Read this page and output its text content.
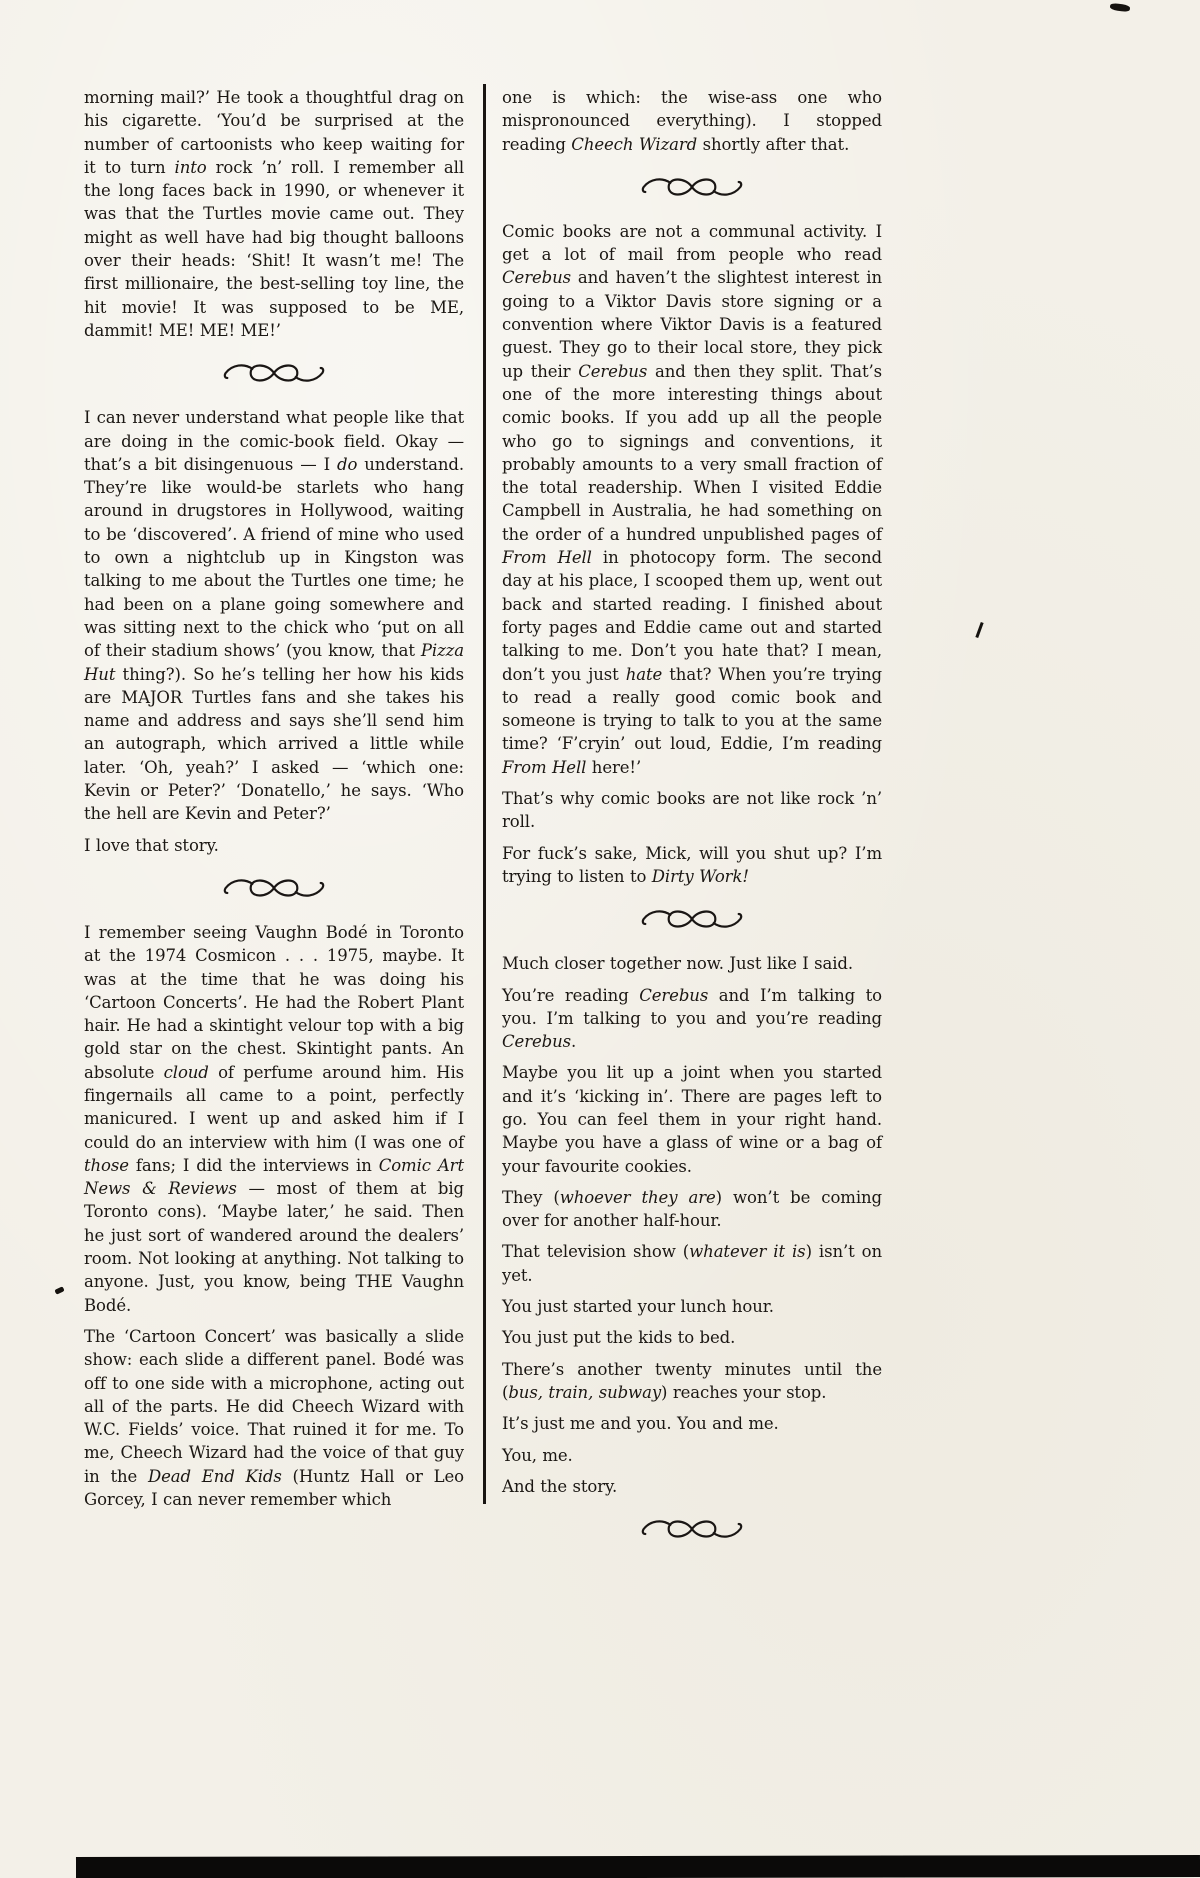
morning mail?’ He took a thoughtful drag on his cigarette. ‘You’d be surprised at the number of cartoonists who keep waiting for it to turn into rock ’n’ roll. I remember all the long faces back in 1990, or whenever it was that the Turtles movie came out. They might as well have had big thought balloons over their heads: ‘Shit! It wasn’t me! The first millionaire, the best-selling toy line, the hit movie! It was supposed to be ME, dammit! ME! ME! ME!’

I can never understand what people like that are doing in the comic-book field. Okay — that’s a bit disingenuous — I do understand. They’re like would-be starlets who hang around in drugstores in Hollywood, waiting to be ‘discovered’. A friend of mine who used to own a nightclub up in Kingston was talking to me about the Turtles one time; he had been on a plane going somewhere and was sitting next to the chick who ‘put on all of their stadium shows’ (you know, that Pizza Hut thing?). So he’s telling her how his kids are MAJOR Turtles fans and she takes his name and address and says she’ll send him an autograph, which arrived a little while later. ‘Oh, yeah?’ I asked — ‘which one: Kevin or Peter?’ ‘Donatello,’ he says. ‘Who the hell are Kevin and Peter?’

I love that story.

I remember seeing Vaughn Bodé in Toronto at the 1974 Cosmicon . . . 1975, maybe. It was at the time that he was doing his ‘Cartoon Concerts’. He had the Robert Plant hair. He had a skintight velour top with a big gold star on the chest. Skintight pants. An absolute cloud of perfume around him. His fingernails all came to a point, perfectly manicured. I went up and asked him if I could do an interview with him (I was one of those fans; I did the interviews in Comic Art News & Reviews — most of them at big Toronto cons). ‘Maybe later,’ he said. Then he just sort of wandered around the dealers’ room. Not looking at anything. Not talking to anyone. Just, you know, being THE Vaughn Bodé.

The ‘Cartoon Concert’ was basically a slide show: each slide a different panel. Bodé was off to one side with a microphone, acting out all of the parts. He did Cheech Wizard with W.C. Fields’ voice. That ruined it for me. To me, Cheech Wizard had the voice of that guy in the Dead End Kids (Huntz Hall or Leo Gorcey, I can never remember which

one is which: the wise-ass one who mispronounced everything). I stopped reading Cheech Wizard shortly after that.

Comic books are not a communal activity. I get a lot of mail from people who read Cerebus and haven’t the slightest interest in going to a Viktor Davis store signing or a convention where Viktor Davis is a featured guest. They go to their local store, they pick up their Cerebus and then they split. That’s one of the more interesting things about comic books. If you add up all the people who go to signings and conventions, it probably amounts to a very small fraction of the total readership. When I visited Eddie Campbell in Australia, he had something on the order of a hundred unpublished pages of From Hell in photocopy form. The second day at his place, I scooped them up, went out back and started reading. I finished about forty pages and Eddie came out and started talking to me. Don’t you hate that? I mean, don’t you just hate that? When you’re trying to read a really good comic book and someone is trying to talk to you at the same time? ‘F’cryin’ out loud, Eddie, I’m reading From Hell here!’

That’s why comic books are not like rock ’n’ roll.

For fuck’s sake, Mick, will you shut up? I’m trying to listen to Dirty Work!

Much closer together now. Just like I said.

You’re reading Cerebus and I’m talking to you. I’m talking to you and you’re reading Cerebus.

Maybe you lit up a joint when you started and it’s ‘kicking in’. There are pages left to go. You can feel them in your right hand. Maybe you have a glass of wine or a bag of your favourite cookies.

They (whoever they are) won’t be coming over for another half-hour.

That television show (whatever it is) isn’t on yet.

You just started your lunch hour.

You just put the kids to bed.

There’s another twenty minutes until the (bus, train, subway) reaches your stop.

It’s just me and you. You and me.

You, me.

And the story.
